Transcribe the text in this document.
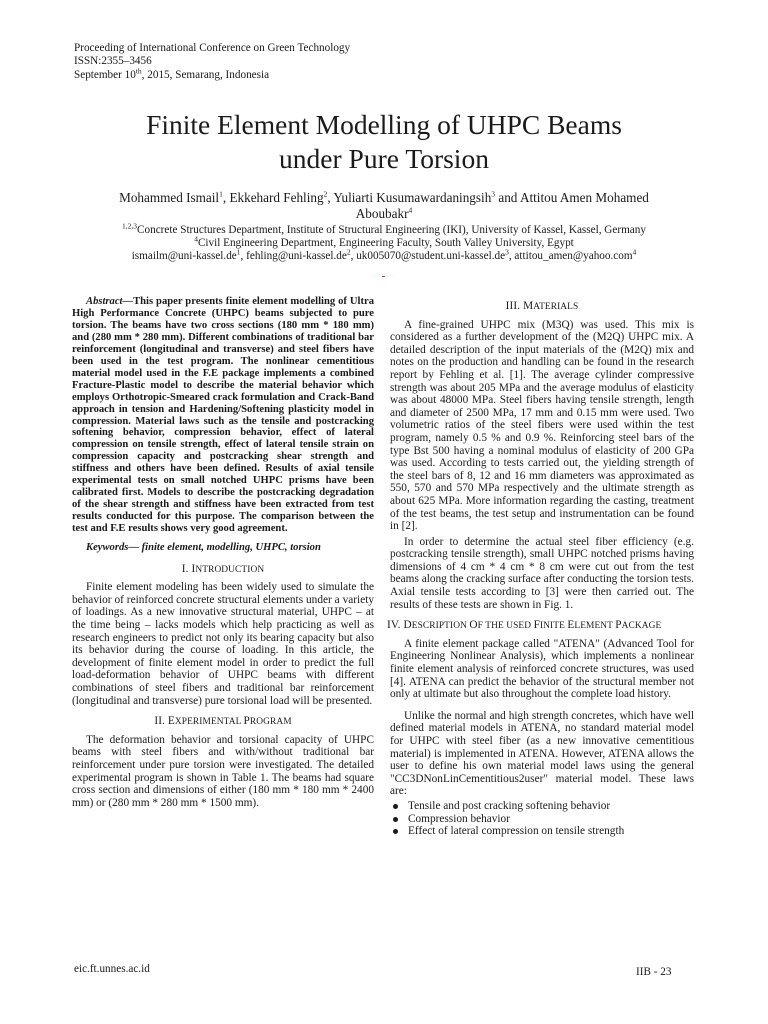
Proceeding of International Conference on Green Technology
ISSN:2355–3456
September 10th, 2015, Semarang, Indonesia
Finite Element Modelling of UHPC Beams
under Pure Torsion
Mohammed Ismail$^1$, Ekkehard Fehling$^2$, Yuliarti Kusumawardaningsih$^3$ and Attitou Amen Mohamed Aboubakr$^4$
$^{1,2,3}$Concrete Structures Department, Institute of Structural Engineering (IKI), University of Kassel, Kassel, Germany
$^4$Civil Engineering Department, Engineering Faculty, South Valley University, Egypt
$ismailm@uni-kassel.de^1$, $fehling@uni-kassel.de^2$, $uk005070@student.uni-kassel.de^3$, attitou_amen@yahoo.com$^4$

Abstract—This paper presents finite element modelling of Ultra High Performance Concrete (UHPC) beams subjected to pure torsion. The beams have two cross sections (180 mm * 180 mm) and (280 mm * 280 mm). Different combinations of traditional bar reinforcement (longitudinal and transverse) and steel fibers have been used in the test program. The nonlinear cementitious material model used in the F.E package implements a combined Fracture-Plastic model to describe the material behavior which employs Orthotropic-Smeared crack formulation and Crack-Band approach in tension and Hardening/Softening plasticity model in compression. Material laws such as the tensile and postcracking softening behavior, compression behavior, effect of lateral compression on tensile strength, effect of lateral tensile strain on compression capacity and postcracking shear strength and stiffness and others have been defined. Results of axial tensile experimental tests on small notched UHPC prisms have been calibrated first. Models to describe the postcracking degradation of the shear strength and stiffness have been extracted from test results conducted for this purpose. The comparison between the test and F.E results shows very good agreement.

Keywords— finite element, modelling, UHPC, torsion

I. INTRODUCTION

Finite element modeling has been widely used to simulate the behavior of reinforced concrete structural elements under a variety of loadings. As a new innovative structural material, UHPC – at the time being – lacks models which help practicing as well as research engineers to predict not only its bearing capacity but also its behavior during the course of loading. In this article, the development of finite element model in order to predict the full load-deformation behavior of UHPC beams with different combinations of steel fibers and traditional bar reinforcement (longitudinal and transverse) pure torsional load will be presented.

II. EXPERIMENTAL PROGRAM

The deformation behavior and torsional capacity of UHPC beams with steel fibers and with/without traditional bar reinforcement under pure torsion were investigated. The detailed experimental program is shown in Table 1. The beams had square cross section and dimensions of either (180 mm * 180 mm * 2400 mm) or (280 mm * 280 mm * 1500 mm).

III. MATERIALS

A fine-grained UHPC mix (M3Q) was used. This mix is considered as a further development of the (M2Q) UHPC mix. A detailed description of the input materials of the (M2Q) mix and notes on the production and handling can be found in the research report by Fehling et al. [1]. The average cylinder compressive strength was about 205 MPa and the average modulus of elasticity was about 48000 MPa. Steel fibers having tensile strength, length and diameter of 2500 MPa, 17 mm and 0.15 mm were used. Two volumetric ratios of the steel fibers were used within the test program, namely 0.5 % and 0.9 %. Reinforcing steel bars of the type Bst 500 having a nominal modulus of elasticity of 200 GPa was used. According to tests carried out, the yielding strength of the steel bars of 8, 12 and 16 mm diameters was approximated as 550, 570 and 570 MPa respectively and the ultimate strength as about 625 MPa. More information regarding the casting, treatment of the test beams, the test setup and instrumentation can be found in [2].

In order to determine the actual steel fiber efficiency (e.g. postcracking tensile strength), small UHPC notched prisms having dimensions of 4 cm * 4 cm * 8 cm were cut out from the test beams along the cracking surface after conducting the torsion tests. Axial tensile tests according to [3] were then carried out. The results of these tests are shown in Fig. 1.

IV. DESCRIPTION OF THE USED FINITE ELEMENT PACKAGE

A finite element package called "ATENA" (Advanced Tool for Engineering Nonlinear Analysis), which implements a nonlinear finite element analysis of reinforced concrete structures, was used [4]. ATENA can predict the behavior of the structural member not only at ultimate but also throughout the complete load history.

Unlike the normal and high strength concretes, which have well defined material models in ATENA, no standard material model for UHPC with steel fiber (as a new innovative cementitious material) is implemented in ATENA. However, ATENA allows the user to define his own material model laws using the general "CC3DNonLinCementitious2user" material model. These laws are:

Tensile and post cracking softening behavior
Compression behavior
Effect of lateral compression on tensile strength
eic.ft.unnes.ac.id	IIB - 23
